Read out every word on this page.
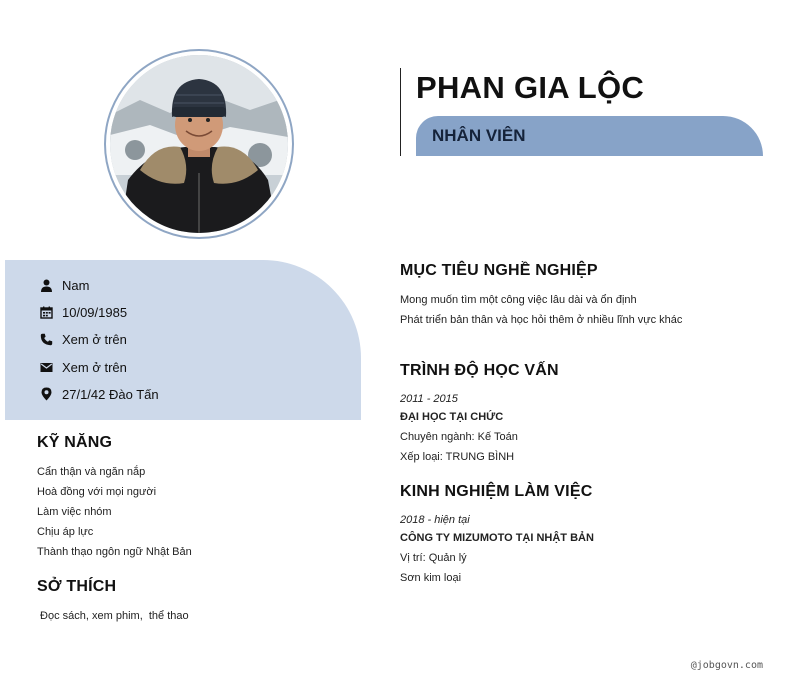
PHAN GIA LỘC
NHÂN VIÊN
Nam
10/09/1985
Xem ở trên
Xem ở trên
27/1/42 Đào Tấn
KỸ NĂNG
Cẩn thận và ngăn nắp
Hoà đồng với mọi người
Làm việc nhóm
Chịu áp lực
Thành thạo ngôn ngữ Nhật Bản
SỞ THÍCH
Đọc sách, xem phim,  thể thao
MỤC TIÊU NGHỀ NGHIỆP
Mong muốn tìm một công việc lâu dài và ổn định
Phát triển bản thân và học hỏi thêm ở nhiều lĩnh vực khác
TRÌNH ĐỘ HỌC VẤN
2011 - 2015
ĐẠI HỌC TẠI CHỨC
Chuyên ngành: Kế Toán
Xếp loại: TRUNG BÌNH
KINH NGHIỆM LÀM VIỆC
2018 - hiện tại
CÔNG TY MIZUMOTO TẠI NHẬT BẢN
Vị trí: Quản lý
Sơn kim loại
@jobgovn.com
